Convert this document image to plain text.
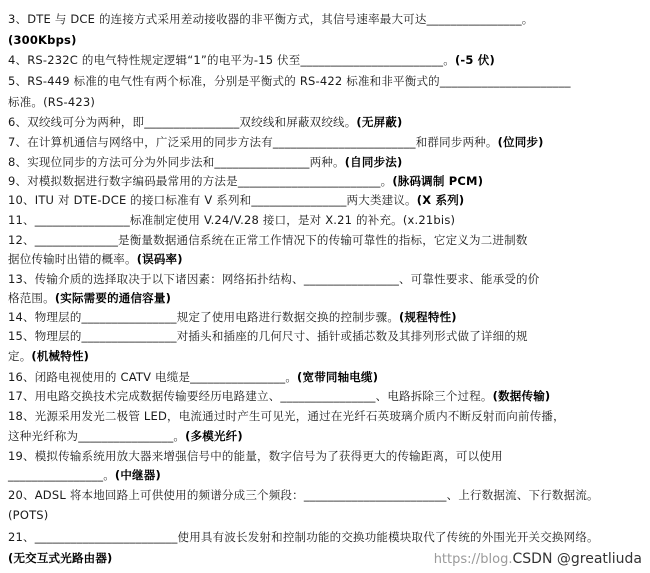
3、DTE 与 DCE 的连接方式采用差动接收器的非平衡方式，其信号速率最大可达________________。
(300Kbps)
4、RS-232C 的电气特性规定逻辑“1”的电平为-15 伏至________________________。(-5 伏)
5、RS-449 标准的电气性有两个标准，分别是平衡式的 RS-422 标准和非平衡式的______________________
标准。(RS-423)
6、双绞线可分为两种，即________________双绞线和屏蔽双绞线。(无屏蔽)
7、在计算机通信与网络中，广泛采用的同步方法有________________________和群同步两种。(位同步)
8、实现位同步的方法可分为外同步法和________________两种。(自同步法)
9、对模拟数据进行数字编码最常用的方法是________________________。(脉码调制 PCM)
10、ITU 对 DTE-DCE 的接口标准有 V 系列和________________两大类建议。(X 系列)
11、________________标准制定使用 V.24/V.28 接口，是对 X.21 的补充。(x.21bis)
12、______________是衡量数据通信系统在正常工作情况下的传输可靠性的指标，它定义为二进制数
据位传输时出错的概率。(误码率)
13、传输介质的选择取决于以下诸因素：网络拓扑结构、________________、可靠性要求、能承受的价
格范围。(实际需要的通信容量)
14、物理层的________________规定了使用电路进行数据交换的控制步骤。(规程特性)
15、物理层的________________对插头和插座的几何尺寸、插针或插芯数及其排列形式做了详细的规
定。(机械特性)
16、闭路电视使用的 CATV 电缆是________________。(宽带同轴电缆)
17、用电路交换技术完成数据传输要经历电路建立、________________、电路拆除三个过程。(数据传输)
18、光源采用发光二极管 LED，电流通过时产生可见光，通过在光纤石英玻璃介质内不断反射而向前传播，
这种光纤称为________________。(多模光纤)
19、模拟传输系统用放大器来增强信号中的能量，数字信号为了获得更大的传输距离，可以使用
________________。(中继器)
20、ADSL 将本地回路上可供使用的频谱分成三个频段：________________________、上行数据流、下行数据流。
(POTS)
21、________________________使用具有波长发射和控制功能的交换功能模块取代了传统的外围光开关交换网络。
(无交互式光路由器)	https://blog.CSDN @greatliuda
